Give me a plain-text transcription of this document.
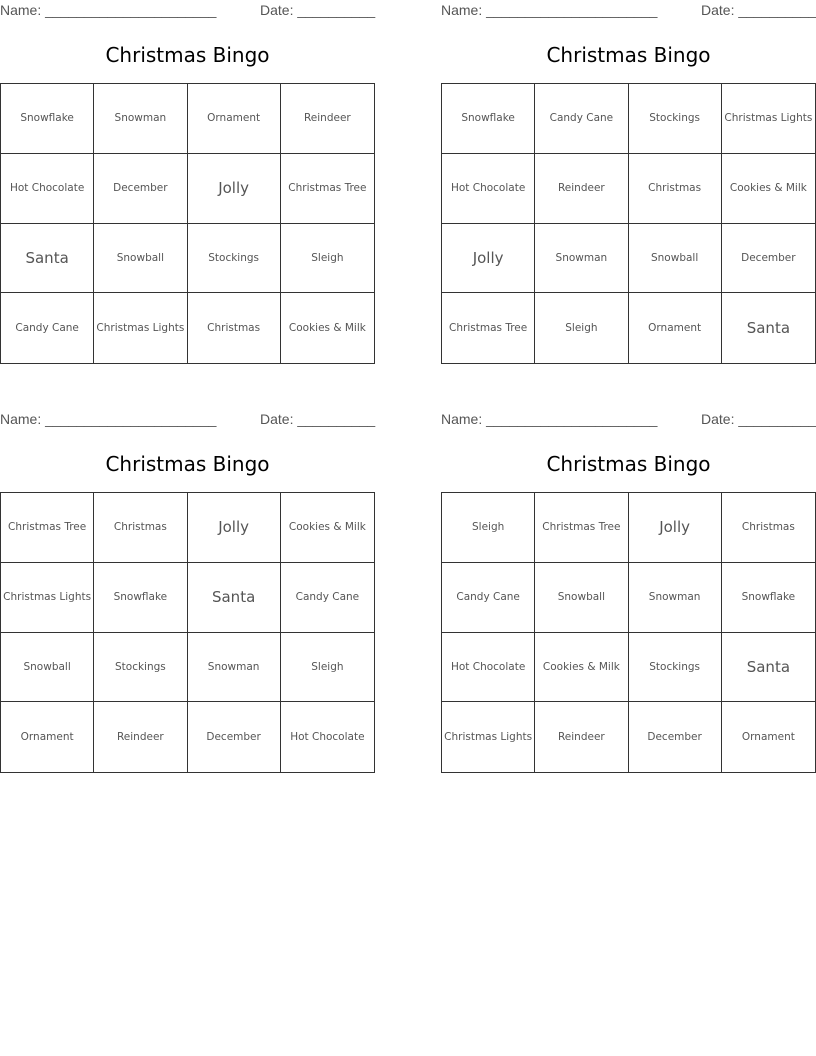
Name: ______________________	Date: __________
Christmas Bingo
Snowflake	Snowman	Ornament	Reindeer
Hot Chocolate	December	Jolly	Christmas Tree
Santa	Snowball	Stockings	Sleigh
Candy Cane	Christmas Lights	Christmas	Cookies & Milk
Name: ______________________	Date: __________
Christmas Bingo
Snowflake	Candy Cane	Stockings	Christmas Lights
Hot Chocolate	Reindeer	Christmas	Cookies & Milk
Jolly	Snowman	Snowball	December
Christmas Tree	Sleigh	Ornament	Santa
Name: ______________________	Date: __________
Christmas Bingo
Christmas Tree	Christmas	Jolly	Cookies & Milk
Christmas Lights	Snowflake	Santa	Candy Cane
Snowball	Stockings	Snowman	Sleigh
Ornament	Reindeer	December	Hot Chocolate
Name: ______________________	Date: __________
Christmas Bingo
Sleigh	Christmas Tree	Jolly	Christmas
Candy Cane	Snowball	Snowman	Snowflake
Hot Chocolate	Cookies & Milk	Stockings	Santa
Christmas Lights	Reindeer	December	Ornament
